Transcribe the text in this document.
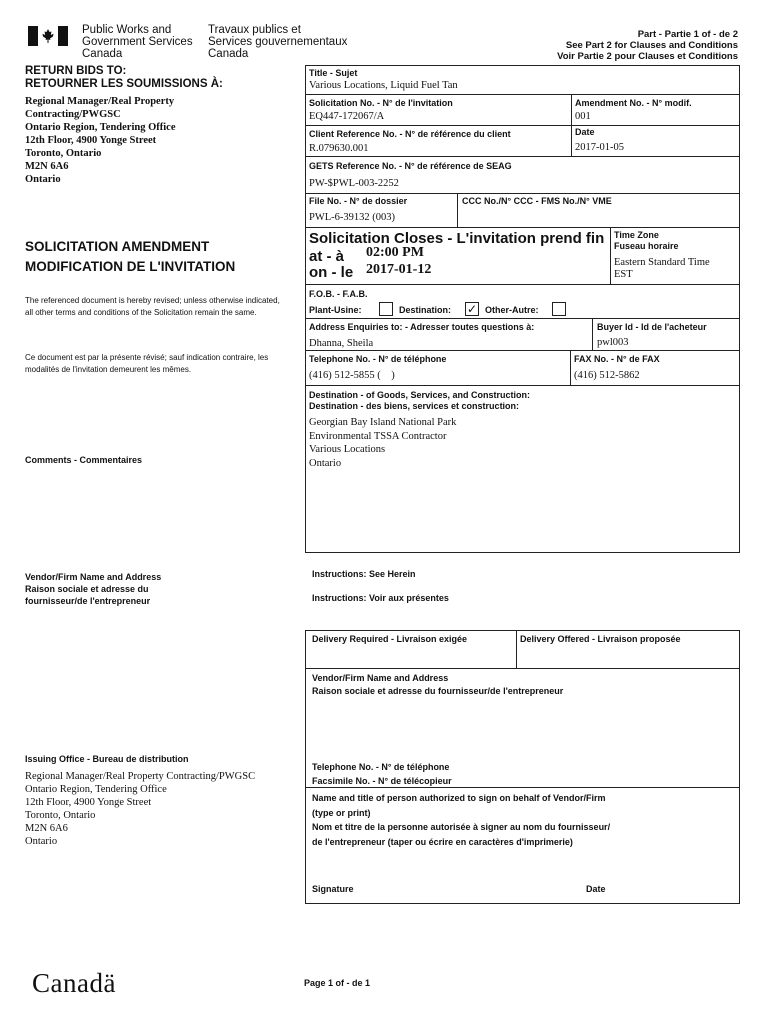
Public Works and
Government Services
Canada
Travaux publics et
Services gouvernementaux
Canada
Part - Partie 1 of - de 2
See Part 2 for Clauses and Conditions
Voir Partie 2 pour Clauses et Conditions
RETURN BIDS TO:
RETOURNER LES SOUMISSIONS À:
Regional Manager/Real Property
Contracting/PWGSC
Ontario Region, Tendering Office
12th Floor, 4900 Yonge Street
Toronto, Ontario
M2N 6A6
Ontario
SOLICITATION AMENDMENT
MODIFICATION DE L'INVITATION
The referenced document is hereby revised; unless otherwise indicated, all other terms and conditions of the Solicitation remain the same.
Ce document est par la présente révisé; sauf indication contraire, les modalités de l'invitation demeurent les mêmes.
Comments - Commentaires
Vendor/Firm Name and Address
Raison sociale et adresse du
fournisseur/de l'entrepreneur
Issuing Office - Bureau de distribution
Regional Manager/Real Property Contracting/PWGSC
Ontario Region, Tendering Office
12th Floor, 4900 Yonge Street
Toronto, Ontario
M2N 6A6
Ontario
Canadä
Title - Sujet
Various Locations, Liquid Fuel Tan
Solicitation No. - N° de l'invitation
EQ447-172067/A
Amendment No. - N° modif.
001
Client Reference No. - N° de référence du client
R.079630.001
Date
2017-01-05
GETS Reference No. - N° de référence de SEAG
PW-$PWL-003-2252
File No. - N° de dossier
PWL-6-39132 (003)
CCC No./N° CCC - FMS No./N° VME
Solicitation Closes - L'invitation prend fin
at - à 02:00 PM
on - le 2017-01-12
Time Zone
Fuseau horaire
Eastern Standard Time
EST
F.O.B. - F.A.B.
Plant-Usine:	Destination: ✓ Other-Autre:
Address Enquiries to: - Adresser toutes questions à:
Dhanna, Sheila
Buyer Id - Id de l'acheteur
pwl003
Telephone No. - N° de téléphone
(416) 512-5855 (    )
FAX No. - N° de FAX
(416) 512-5862
Destination - of Goods, Services, and Construction:
Destination - des biens, services et construction:
Georgian Bay Island National Park
Environmental TSSA Contractor
Various Locations
Ontario
Instructions: See Herein
Instructions: Voir aux présentes
Delivery Required - Livraison exigée	Delivery Offered - Livraison proposée
Vendor/Firm Name and Address
Raison sociale et adresse du fournisseur/de l'entrepreneur
Telephone No. - N° de téléphone
Facsimile No. - N° de télécopieur
Name and title of person authorized to sign on behalf of Vendor/Firm
(type or print)
Nom et titre de la personne autorisée à signer au nom du fournisseur/
de l'entrepreneur (taper ou écrire en caractères d'imprimerie)
Signature	Date
Page 1 of - de 1
